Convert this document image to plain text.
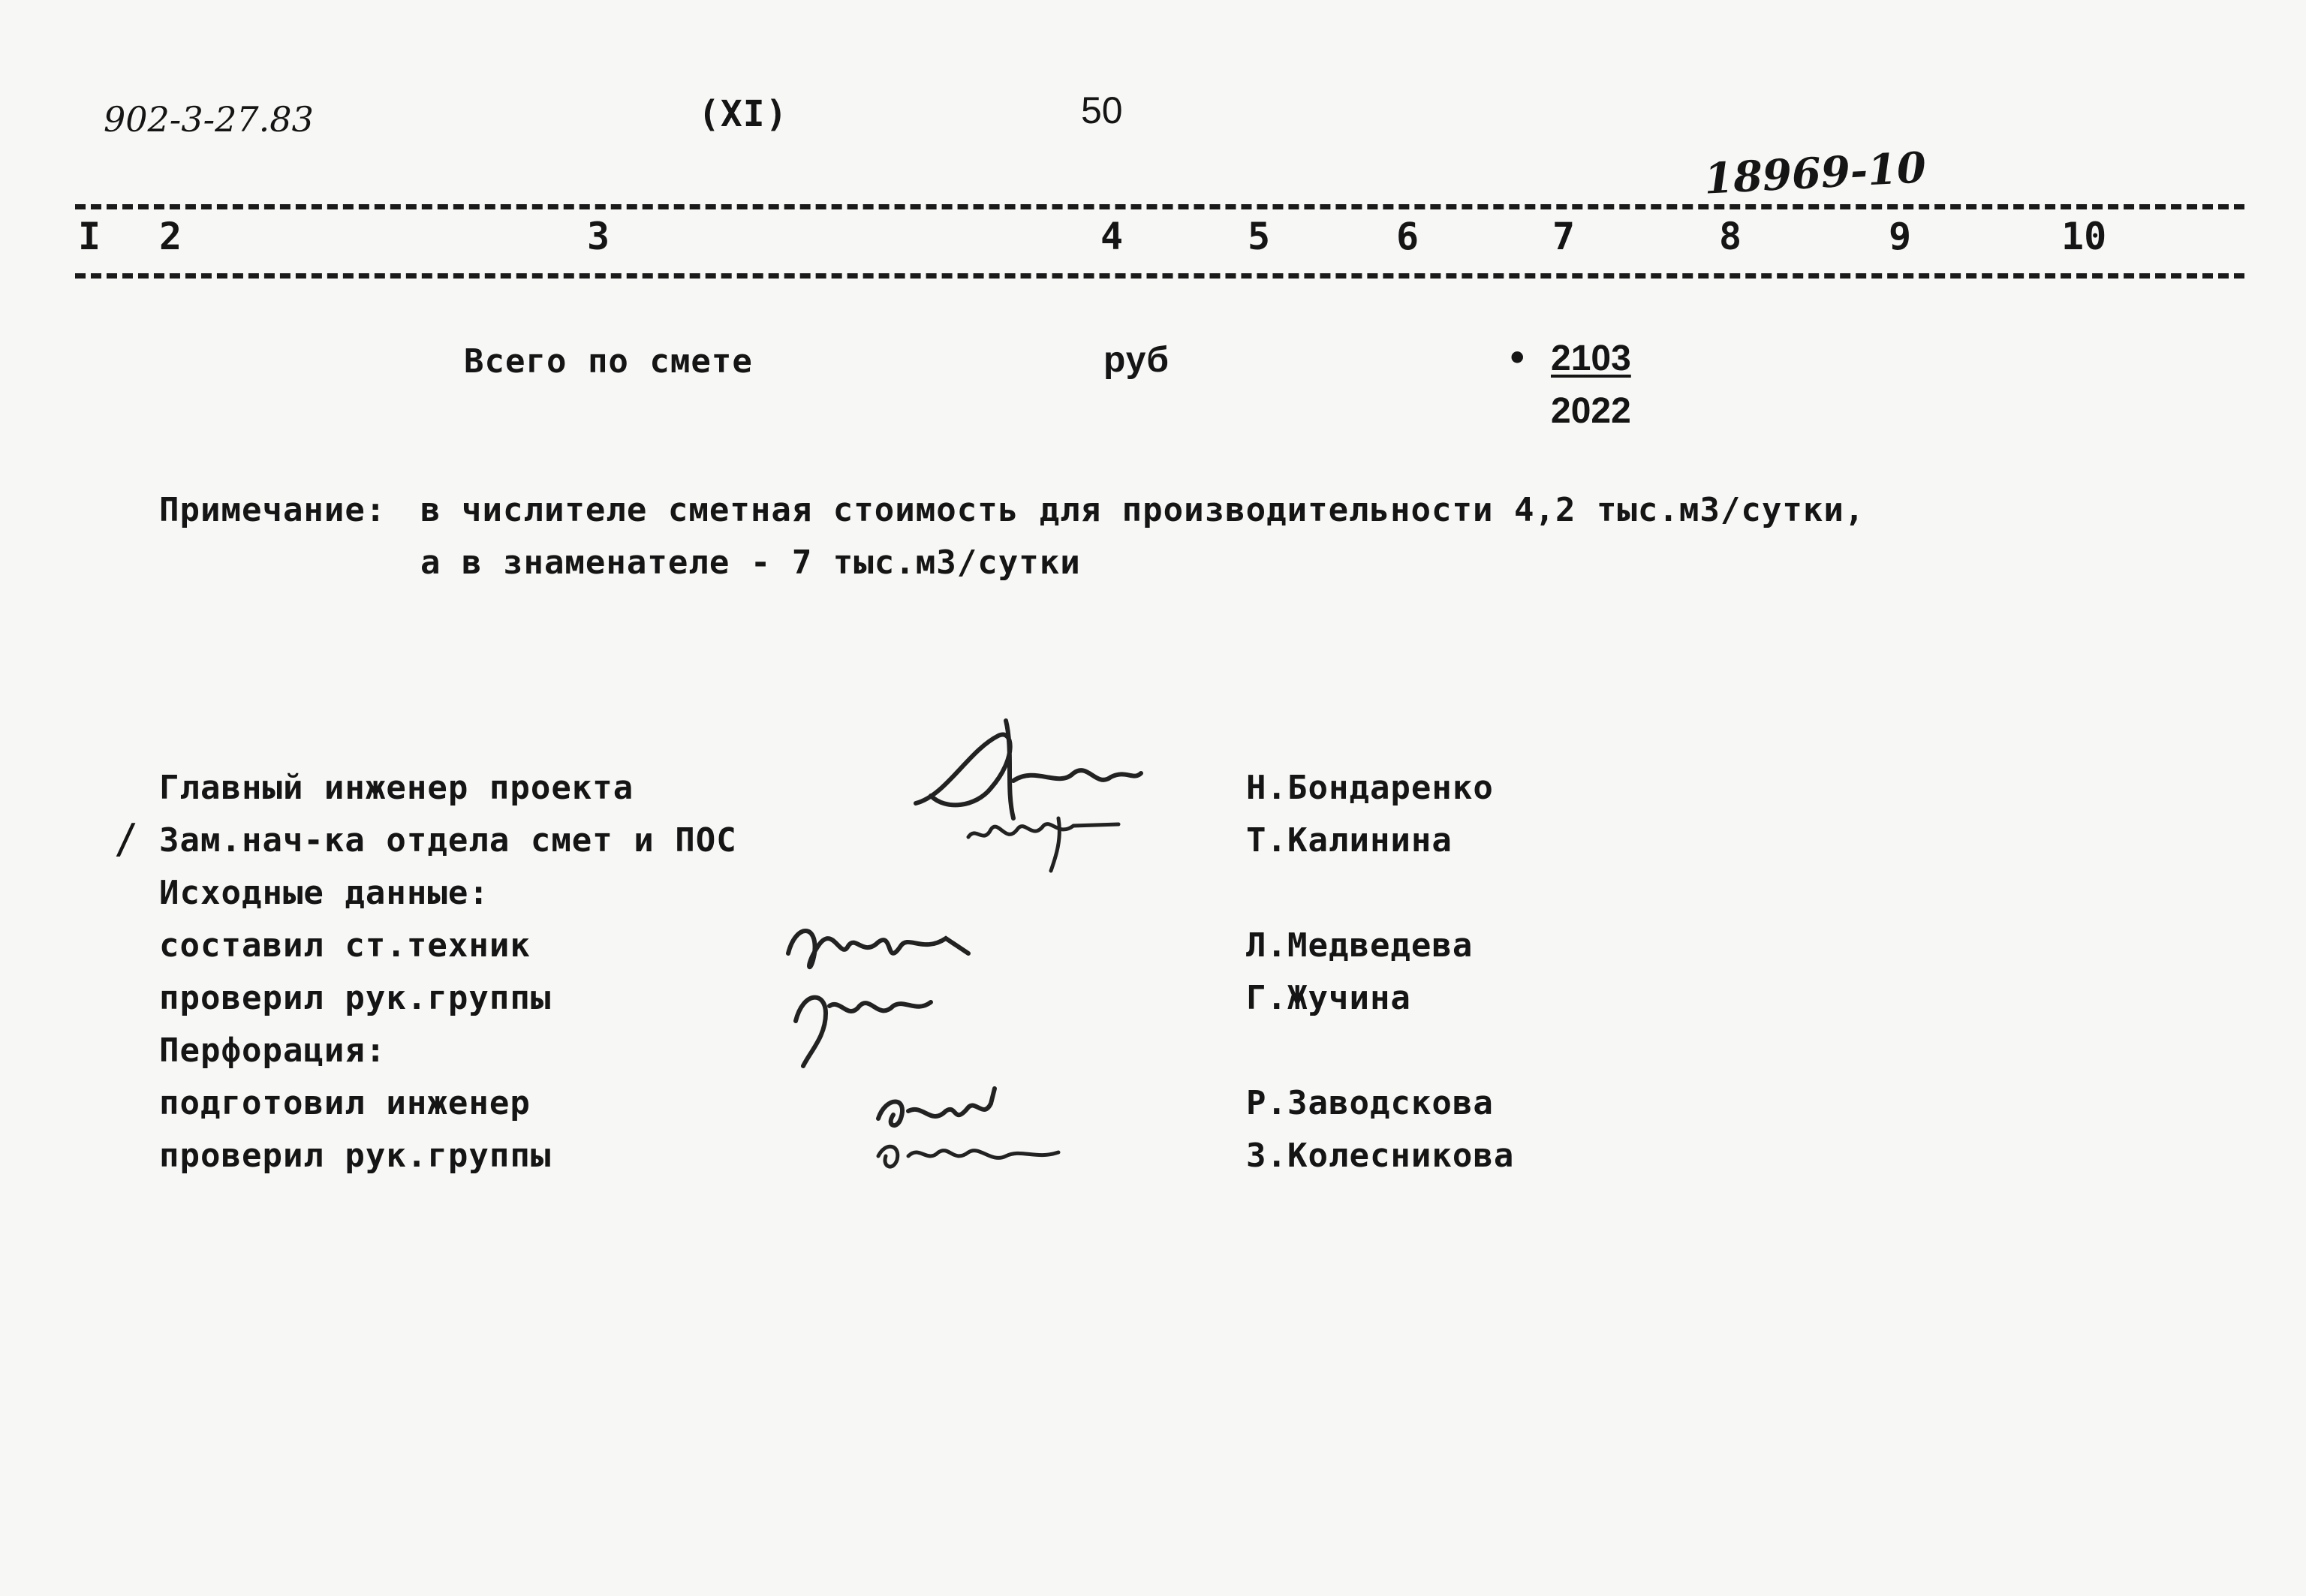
902-3-27.83	(XI)	50
18969-10
I 2	3	4	5	6	7	8	9	10
Всего по смете	руб	• 2103
2022
Примечание: в числителе сметная стоимость для производительности 4,2 тыс.м3/сутки,
а в знаменателе - 7 тыс.м3/сутки
/
Главный инженер проекта	Н.Бондаренко
Зам.нач-ка отдела смет и ПОС	Т.Калинина
Исходные данные:
составил ст.техник	Л.Медведева
проверил рук.группы	Г.Жучина
Перфорация:
подготовил инженер	Р.Заводскова
проверил рук.группы	З.Колесникова
